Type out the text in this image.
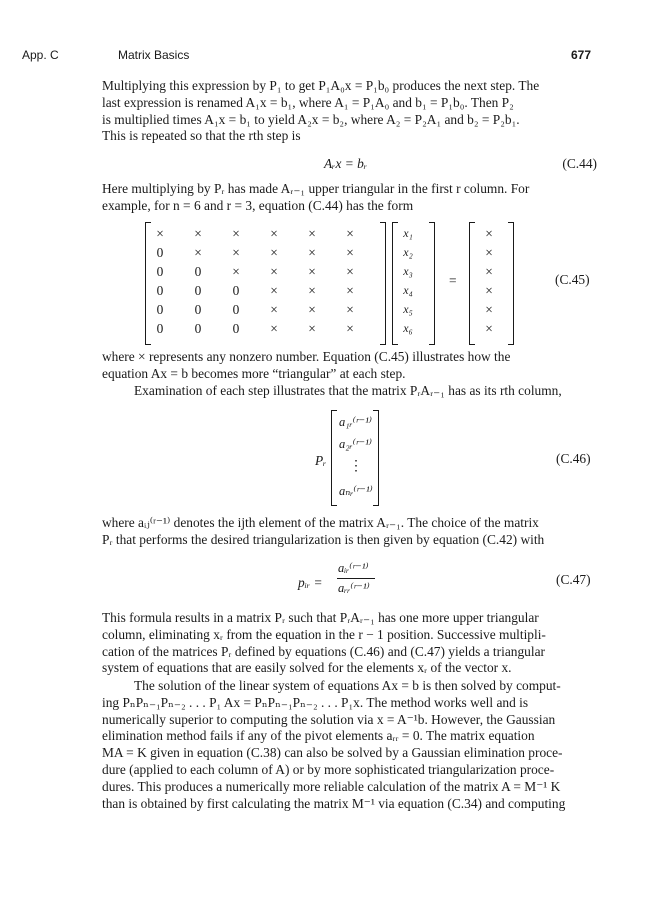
App. C	Matrix Basics	677
Multiplying this expression by P₁ to get P₁A₀x = P₁b₀ produces the next step. The
last expression is renamed A₁x = b₁, where A₁ = P₁A₀ and b₁ = P₁b₀. Then P₂
is multiplied times A₁x = b₁ to yield A₂x = b₂, where A₂ = P₂A₁ and b₂ = P₂b₁.
This is repeated so that the rth step is
Aᵣx = bᵣ	(C.44)
Here multiplying by Pᵣ has made Aᵣ₋₁ upper triangular in the first r column. For
example, for n = 6 and r = 3, equation (C.44) has the form
×	×	×	×	×	×
0	×	×	×	×	×
0	0	×	×	×	×
0	0	0	×	×	×
0	0	0	×	×	×
0	0	0	×	×	×
x₁
x₂
x₃
x₄
x₅
x₆
=
×
×
×
×
×
×
(C.45)
where × represents any nonzero number. Equation (C.45) illustrates how the
equation Ax = b becomes more “triangular” at each step.
Examination of each step illustrates that the matrix PᵣAᵣ₋₁ has as its rth column,
Pᵣ
a₁ᵣ⁽ʳ⁻¹⁾
a₂ᵣ⁽ʳ⁻¹⁾
⋮
aₙᵣ⁽ʳ⁻¹⁾
(C.46)
where aᵢⱼ⁽ʳ⁻¹⁾ denotes the ijth element of the matrix Aᵣ₋₁. The choice of the matrix
Pᵣ that performs the desired triangularization is then given by equation (C.42) with
pᵢᵣ =
aᵢᵣ⁽ʳ⁻¹⁾
aᵣᵣ⁽ʳ⁻¹⁾
(C.47)
This formula results in a matrix Pᵣ such that PᵣAᵣ₋₁ has one more upper triangular
column, eliminating xᵣ from the equation in the r − 1 position. Successive multipli-
cation of the matrices Pᵣ defined by equations (C.46) and (C.47) yields a triangular
system of equations that are easily solved for the elements xᵣ of the vector x.
The solution of the linear system of equations Ax = b is then solved by comput-
ing PₙPₙ₋₁Pₙ₋₂ . . . P₁ Ax = PₙPₙ₋₁Pₙ₋₂ . . . P₁x. The method works well and is
numerically superior to computing the solution via x = A⁻¹b. However, the Gaussian
elimination method fails if any of the pivot elements aᵣᵣ = 0. The matrix equation
MA = K given in equation (C.38) can also be solved by a Gaussian elimination proce-
dure (applied to each column of A) or by more sophisticated triangularization proce-
dures. This produces a numerically more reliable calculation of the matrix A = M⁻¹ K
than is obtained by first calculating the matrix M⁻¹ via equation (C.34) and computing
